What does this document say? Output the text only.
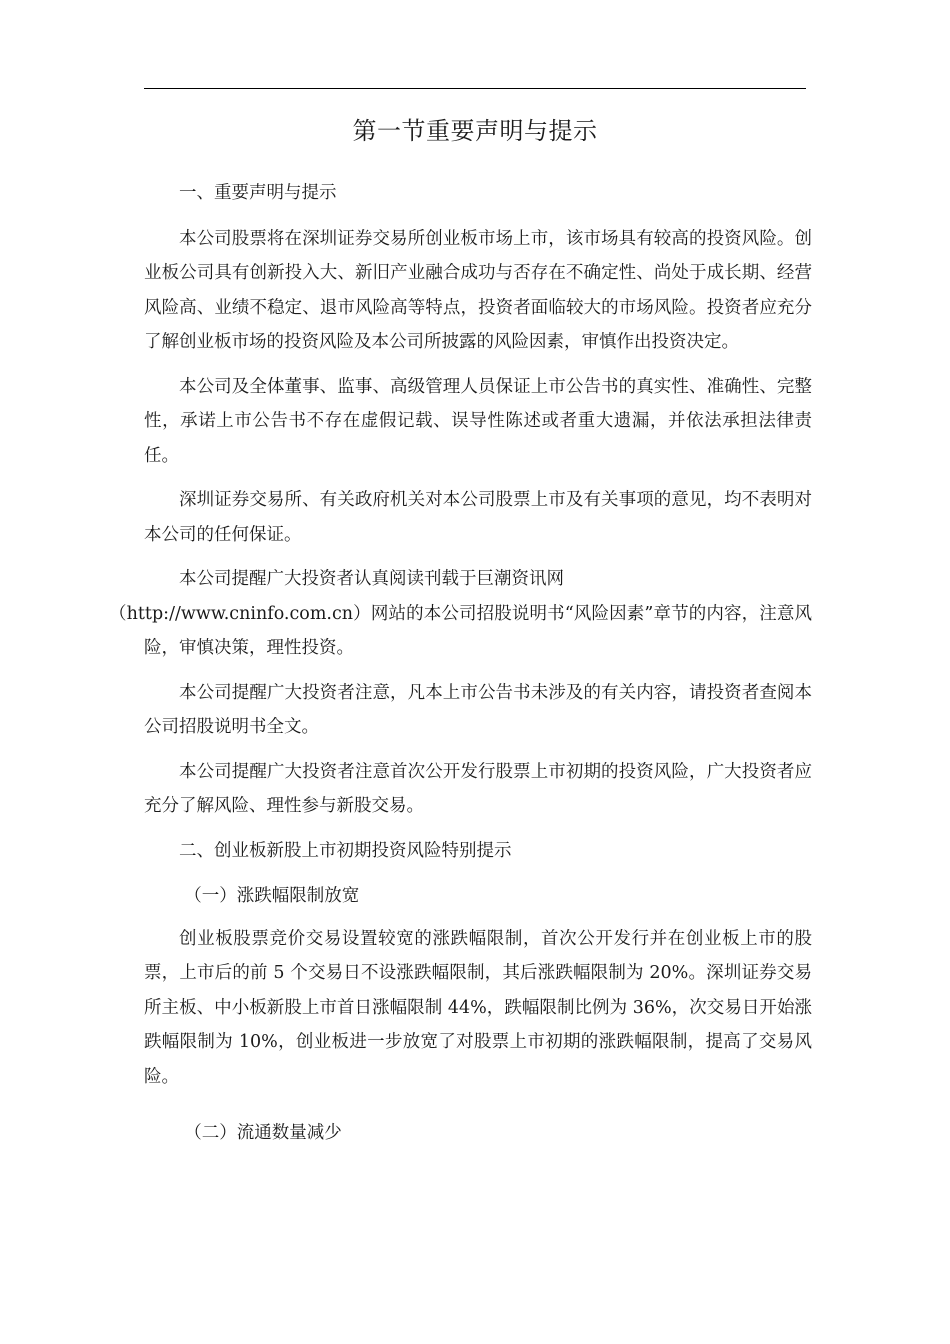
第一节重要声明与提示

一、重要声明与提示

本公司股票将在深圳证券交易所创业板市场上市，该市场具有较高的投资风险。创业板公司具有创新投入大、新旧产业融合成功与否存在不确定性、尚处于成长期、经营风险高、业绩不稳定、退市风险高等特点，投资者面临较大的市场风险。投资者应充分了解创业板市场的投资风险及本公司所披露的风险因素，审慎作出投资决定。

本公司及全体董事、监事、高级管理人员保证上市公告书的真实性、准确性、完整性，承诺上市公告书不存在虚假记载、误导性陈述或者重大遗漏，并依法承担法律责任。

深圳证券交易所、有关政府机关对本公司股票上市及有关事项的意见，均不表明对本公司的任何保证。

本公司提醒广大投资者认真阅读刊载于巨潮资讯网
（http://www.cninfo.com.cn）网站的本公司招股说明书“风险因素”章节的内容，注意风险，审慎决策，理性投资。

本公司提醒广大投资者注意，凡本上市公告书未涉及的有关内容，请投资者查阅本公司招股说明书全文。

本公司提醒广大投资者注意首次公开发行股票上市初期的投资风险，广大投资者应充分了解风险、理性参与新股交易。

二、创业板新股上市初期投资风险特别提示

（一）涨跌幅限制放宽

创业板股票竞价交易设置较宽的涨跌幅限制，首次公开发行并在创业板上市的股票，上市后的前 5 个交易日不设涨跌幅限制，其后涨跌幅限制为 20%。深圳证券交易所主板、中小板新股上市首日涨幅限制 44%，跌幅限制比例为 36%，次交易日开始涨跌幅限制为 10%，创业板进一步放宽了对股票上市初期的涨跌幅限制，提高了交易风险。

（二）流通数量减少
